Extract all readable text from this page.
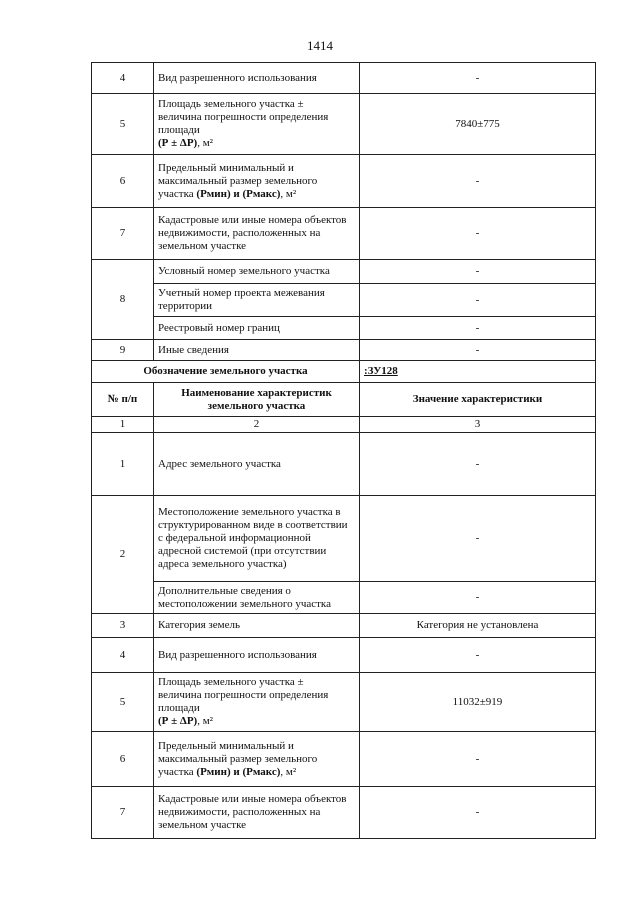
1414
4	Вид разрешенного использования	-
5	Площадь земельного участка ±
величина погрешности определения
площади
(Р ± ΔР), м²	7840±775
6	Предельный минимальный и
максимальный размер земельного
участка (Рмин) и (Рмакс), м²	-
7	Кадастровые или иные номера объектов недвижимости, расположенных на земельном участке	-
8	Условный номер земельного участка	-
	Учетный номер проекта межевания территории	-
	Реестровый номер границ	-
9	Иные сведения	-
Обозначение земельного участка		:ЗУ128
№ п/п	Наименование характеристик земельного участка	Значение характеристики
1	2	3
1	Адрес земельного участка	-
2	Местоположение земельного участка в структурированном виде в соответствии с федеральной информационной адресной системой (при отсутствии адреса земельного участка)	-
	Дополнительные сведения о местоположении земельного участка	-
3	Категория земель	Категория не установлена
4	Вид разрешенного использования	-
5	Площадь земельного участка ±
величина погрешности определения
площади
(Р ± ΔР), м²	11032±919
6	Предельный минимальный и
максимальный размер земельного
участка (Рмин) и (Рмакс), м²	-
7	Кадастровые или иные номера объектов недвижимости, расположенных на земельном участке	-
